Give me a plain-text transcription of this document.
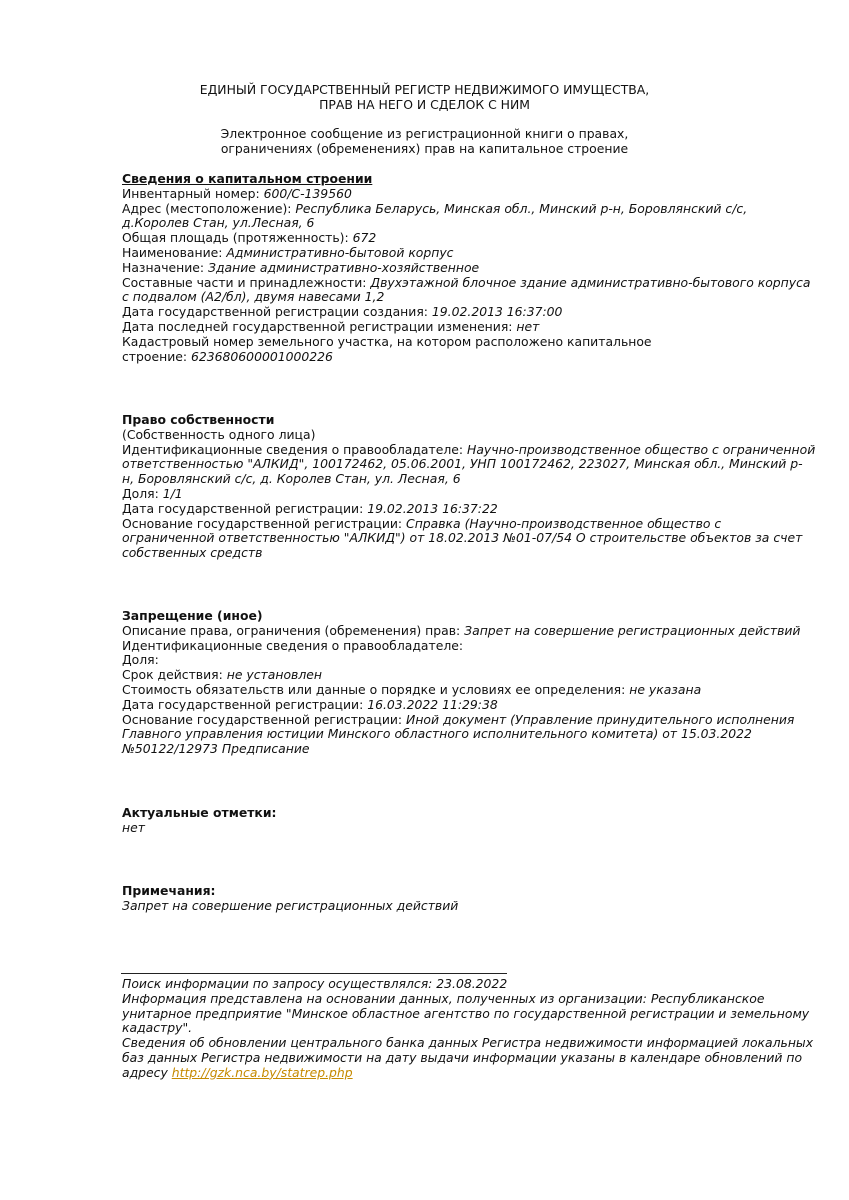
ЕДИНЫЙ ГОСУДАРСТВЕННЫЙ РЕГИСТР НЕДВИЖИМОГО ИМУЩЕСТВА,
ПРАВ НА НЕГО И СДЕЛОК С НИМ
Электронное сообщение из регистрационной книги о правах,
ограничениях (обременениях) прав на капитальное строение
Сведения о капитальном строении
Инвентарный номер: 600/С-139560
Адрес (местоположение): Республика Беларусь, Минская обл., Минский р-н, Боровлянский с/с,
д.Королев Стан, ул.Лесная, 6
Общая площадь (протяженность): 672
Наименование: Административно-бытовой корпус
Назначение: Здание административно-хозяйственное
Составные части и принадлежности: Двухэтажной блочное здание административно-бытового корпуса
с подвалом (А2/бл), двумя навесами 1,2
Дата государственной регистрации создания: 19.02.2013 16:37:00
Дата последней государственной регистрации изменения: нет
Кадастровый номер земельного участка, на котором расположено капитальное
строение: 623680600001000226
Право собственности
(Собственность одного лица)
Идентификационные сведения о правообладателе: Научно-производственное общество с ограниченной
ответственностью "АЛКИД", 100172462, 05.06.2001, УНП 100172462, 223027, Минская обл., Минский р-
н, Боровлянский с/с, д. Королев Стан, ул. Лесная, 6
Доля: 1/1
Дата государственной регистрации: 19.02.2013 16:37:22
Основание государственной регистрации: Справка (Научно-производственное общество с
ограниченной ответственностью "АЛКИД") от 18.02.2013 №01-07/54 О строительстве объектов за счет
собственных средств
Запрещение (иное)
Описание права, ограничения (обременения) прав: Запрет на совершение регистрационных действий
Идентификационные сведения о правообладателе:
Доля:
Срок действия: не установлен
Стоимость обязательств или данные о порядке и условиях ее определения: не указана
Дата государственной регистрации: 16.03.2022 11:29:38
Основание государственной регистрации: Иной документ (Управление принудительного исполнения
Главного управления юстиции Минского областного исполнительного комитета) от 15.03.2022
№50122/12973 Предписание
Актуальные отметки:
нет
Примечания:
Запрет на совершение регистрационных действий
Поиск информации по запросу осуществлялся: 23.08.2022
Информация представлена на основании данных, полученных из организации: Республиканское
унитарное предприятие "Минское областное агентство по государственной регистрации и земельному
кадастру".
Сведения об обновлении центрального банка данных Регистра недвижимости информацией локальных
баз данных Регистра недвижимости на дату выдачи информации указаны в календаре обновлений по
адресу http://gzk.nca.by/statrep.php
